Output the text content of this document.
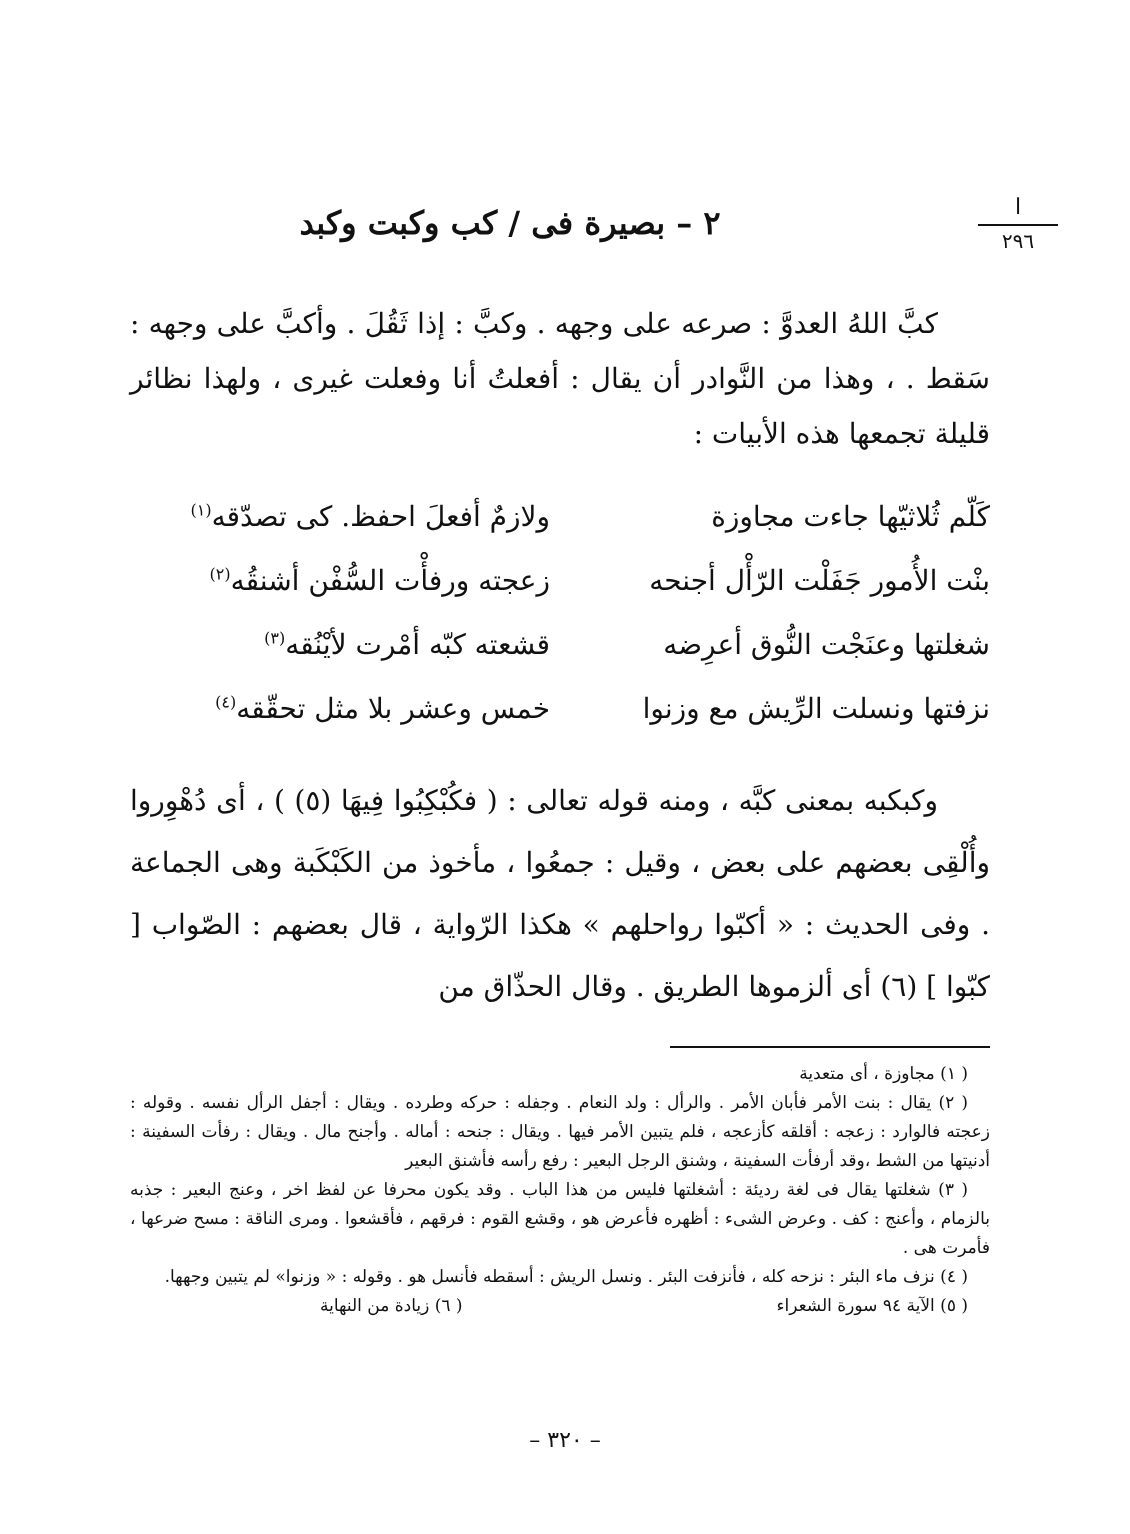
ا
٢٩٦
٢ – بصيرة فى / كب وكبت وكبد

كبَّ اللهُ العدوَّ : صرعه على وجهه . وكبَّ : إذا ثَقُلَ . وأكبَّ على وجهه : سَقط . ، وهذا من النَّوادر أن يقال : أفعلتُ أنا وفعلت غيرى ، ولهذا نظائر قليلة تجمعها هذه الأبيات :

كَلّم ثُلاثيّها جاءت مجاوزة
ولازمٌ أفعلَ احفظ. كى تصدّقه$^{(١)}$
بنْت الأُمور جَفَلْت الرّأْل أجنحه
زعجته ورفأْت السُّفْن أشنقُه$^{(٢)}$
شغلتها وعنَجْت النُّوق أعرِضه
قشعته كبّه أمْرت لأيْنُقه$^{(٣)}$
نزفتها ونسلت الرِّيش مع وزنوا
خمس وعشر بلا مثل تحقّقه$^{(٤)}$

وكبكبه بمعنى كبَّه ، ومنه قوله تعالى : ( فكُبْكِبُوا فِيهَا (٥) ) ، أى دُهْوِروا وأُلْقِى بعضهم على بعض ، وقيل : جمعُوا ، مأخوذ من الكَبْكَبة وهى الجماعة . وفى الحديث : « أكبّوا رواحلهم » هكذا الرّواية ، قال بعضهم : الصّواب [ كبّوا ] (٦) أى ألزموها الطريق . وقال الحذّاق من

( ١) مجاوزة ، أى متعدية

( ٢) يقال : بنت الأمر فأبان الأمر . والرأل : ولد النعام . وجفله : حركه وطرده . ويقال : أجفل الرأل نفسه . وقوله : زعجته فالوارد : زعجه : أقلقه كأزعجه ، فلم يتبين الأمر فيها . ويقال : جنحه : أماله . وأجنح مال . ويقال : رفأت السفينة : أدنيتها من الشط ،وقد أرفأت السفينة ، وشنق الرجل البعير : رفع رأسه فأشنق البعير

( ٣) شغلتها يقال فى لغة رديئة : أشغلتها فليس من هذا الباب . وقد يكون محرفا عن لفظ اخر ، وعنج البعير : جذبه بالزمام ، وأعنج : كف . وعرض الشىء : أظهره فأعرض هو ، وقشع القوم : فرقهم ، فأقشعوا . ومرى الناقة : مسح ضرعها ، فأمرت هى .

( ٤) نزف ماء البئر : نزحه كله ، فأنزفت البئر . ونسل الريش : أسقطه فأنسل هو . وقوله : « وزنوا» لم يتبين وجهها.

( ٥) الآية ٩٤ سورة الشعراء
( ٦) زيادة من النهاية
– ٣٢٠ –
